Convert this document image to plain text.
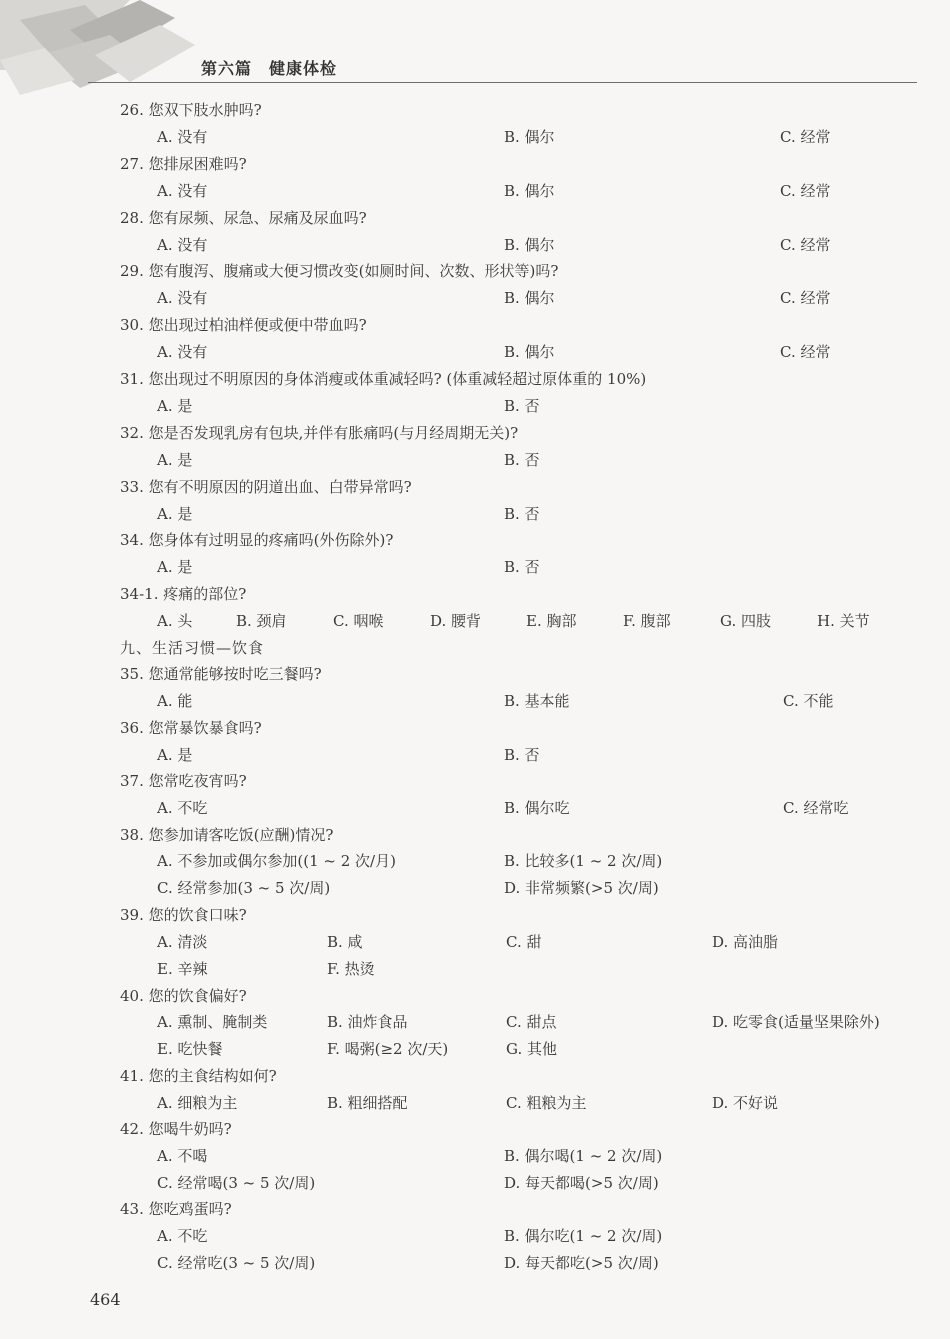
第六篇　健康体检
26. 您双下肢水肿吗?
A. 没有	B. 偶尔	C. 经常
27. 您排尿困难吗?
A. 没有	B. 偶尔	C. 经常
28. 您有尿频、尿急、尿痛及尿血吗?
A. 没有	B. 偶尔	C. 经常
29. 您有腹泻、腹痛或大便习惯改变(如厕时间、次数、形状等)吗?
A. 没有	B. 偶尔	C. 经常
30. 您出现过柏油样便或便中带血吗?
A. 没有	B. 偶尔	C. 经常
31. 您出现过不明原因的身体消瘦或体重减轻吗? (体重减轻超过原体重的 10%)
A. 是	B. 否
32. 您是否发现乳房有包块,并伴有胀痛吗(与月经周期无关)?
A. 是	B. 否
33. 您有不明原因的阴道出血、白带异常吗?
A. 是	B. 否
34. 您身体有过明显的疼痛吗(外伤除外)?
A. 是	B. 否
34-1. 疼痛的部位?
A. 头	B. 颈肩	C. 咽喉	D. 腰背	E. 胸部	F. 腹部	G. 四肢	H. 关节
九、生活习惯—饮食
35. 您通常能够按时吃三餐吗?
A. 能	B. 基本能	C. 不能
36. 您常暴饮暴食吗?
A. 是	B. 否
37. 您常吃夜宵吗?
A. 不吃	B. 偶尔吃	C. 经常吃
38. 您参加请客吃饭(应酬)情况?
A. 不参加或偶尔参加((1 ~ 2 次/月)	B. 比较多(1 ~ 2 次/周)
C. 经常参加(3 ~ 5 次/周)	D. 非常频繁(>5 次/周)
39. 您的饮食口味?
A. 清淡	B. 咸	C. 甜	D. 高油脂
E. 辛辣	F. 热烫
40. 您的饮食偏好?
A. 熏制、腌制类	B. 油炸食品	C. 甜点	D. 吃零食(适量坚果除外)
E. 吃快餐	F. 喝粥(≥2 次/天)	G. 其他
41. 您的主食结构如何?
A. 细粮为主	B. 粗细搭配	C. 粗粮为主	D. 不好说
42. 您喝牛奶吗?
A. 不喝	B. 偶尔喝(1 ~ 2 次/周)
C. 经常喝(3 ~ 5 次/周)	D. 每天都喝(>5 次/周)
43. 您吃鸡蛋吗?
A. 不吃	B. 偶尔吃(1 ~ 2 次/周)
C. 经常吃(3 ~ 5 次/周)	D. 每天都吃(>5 次/周)
464
